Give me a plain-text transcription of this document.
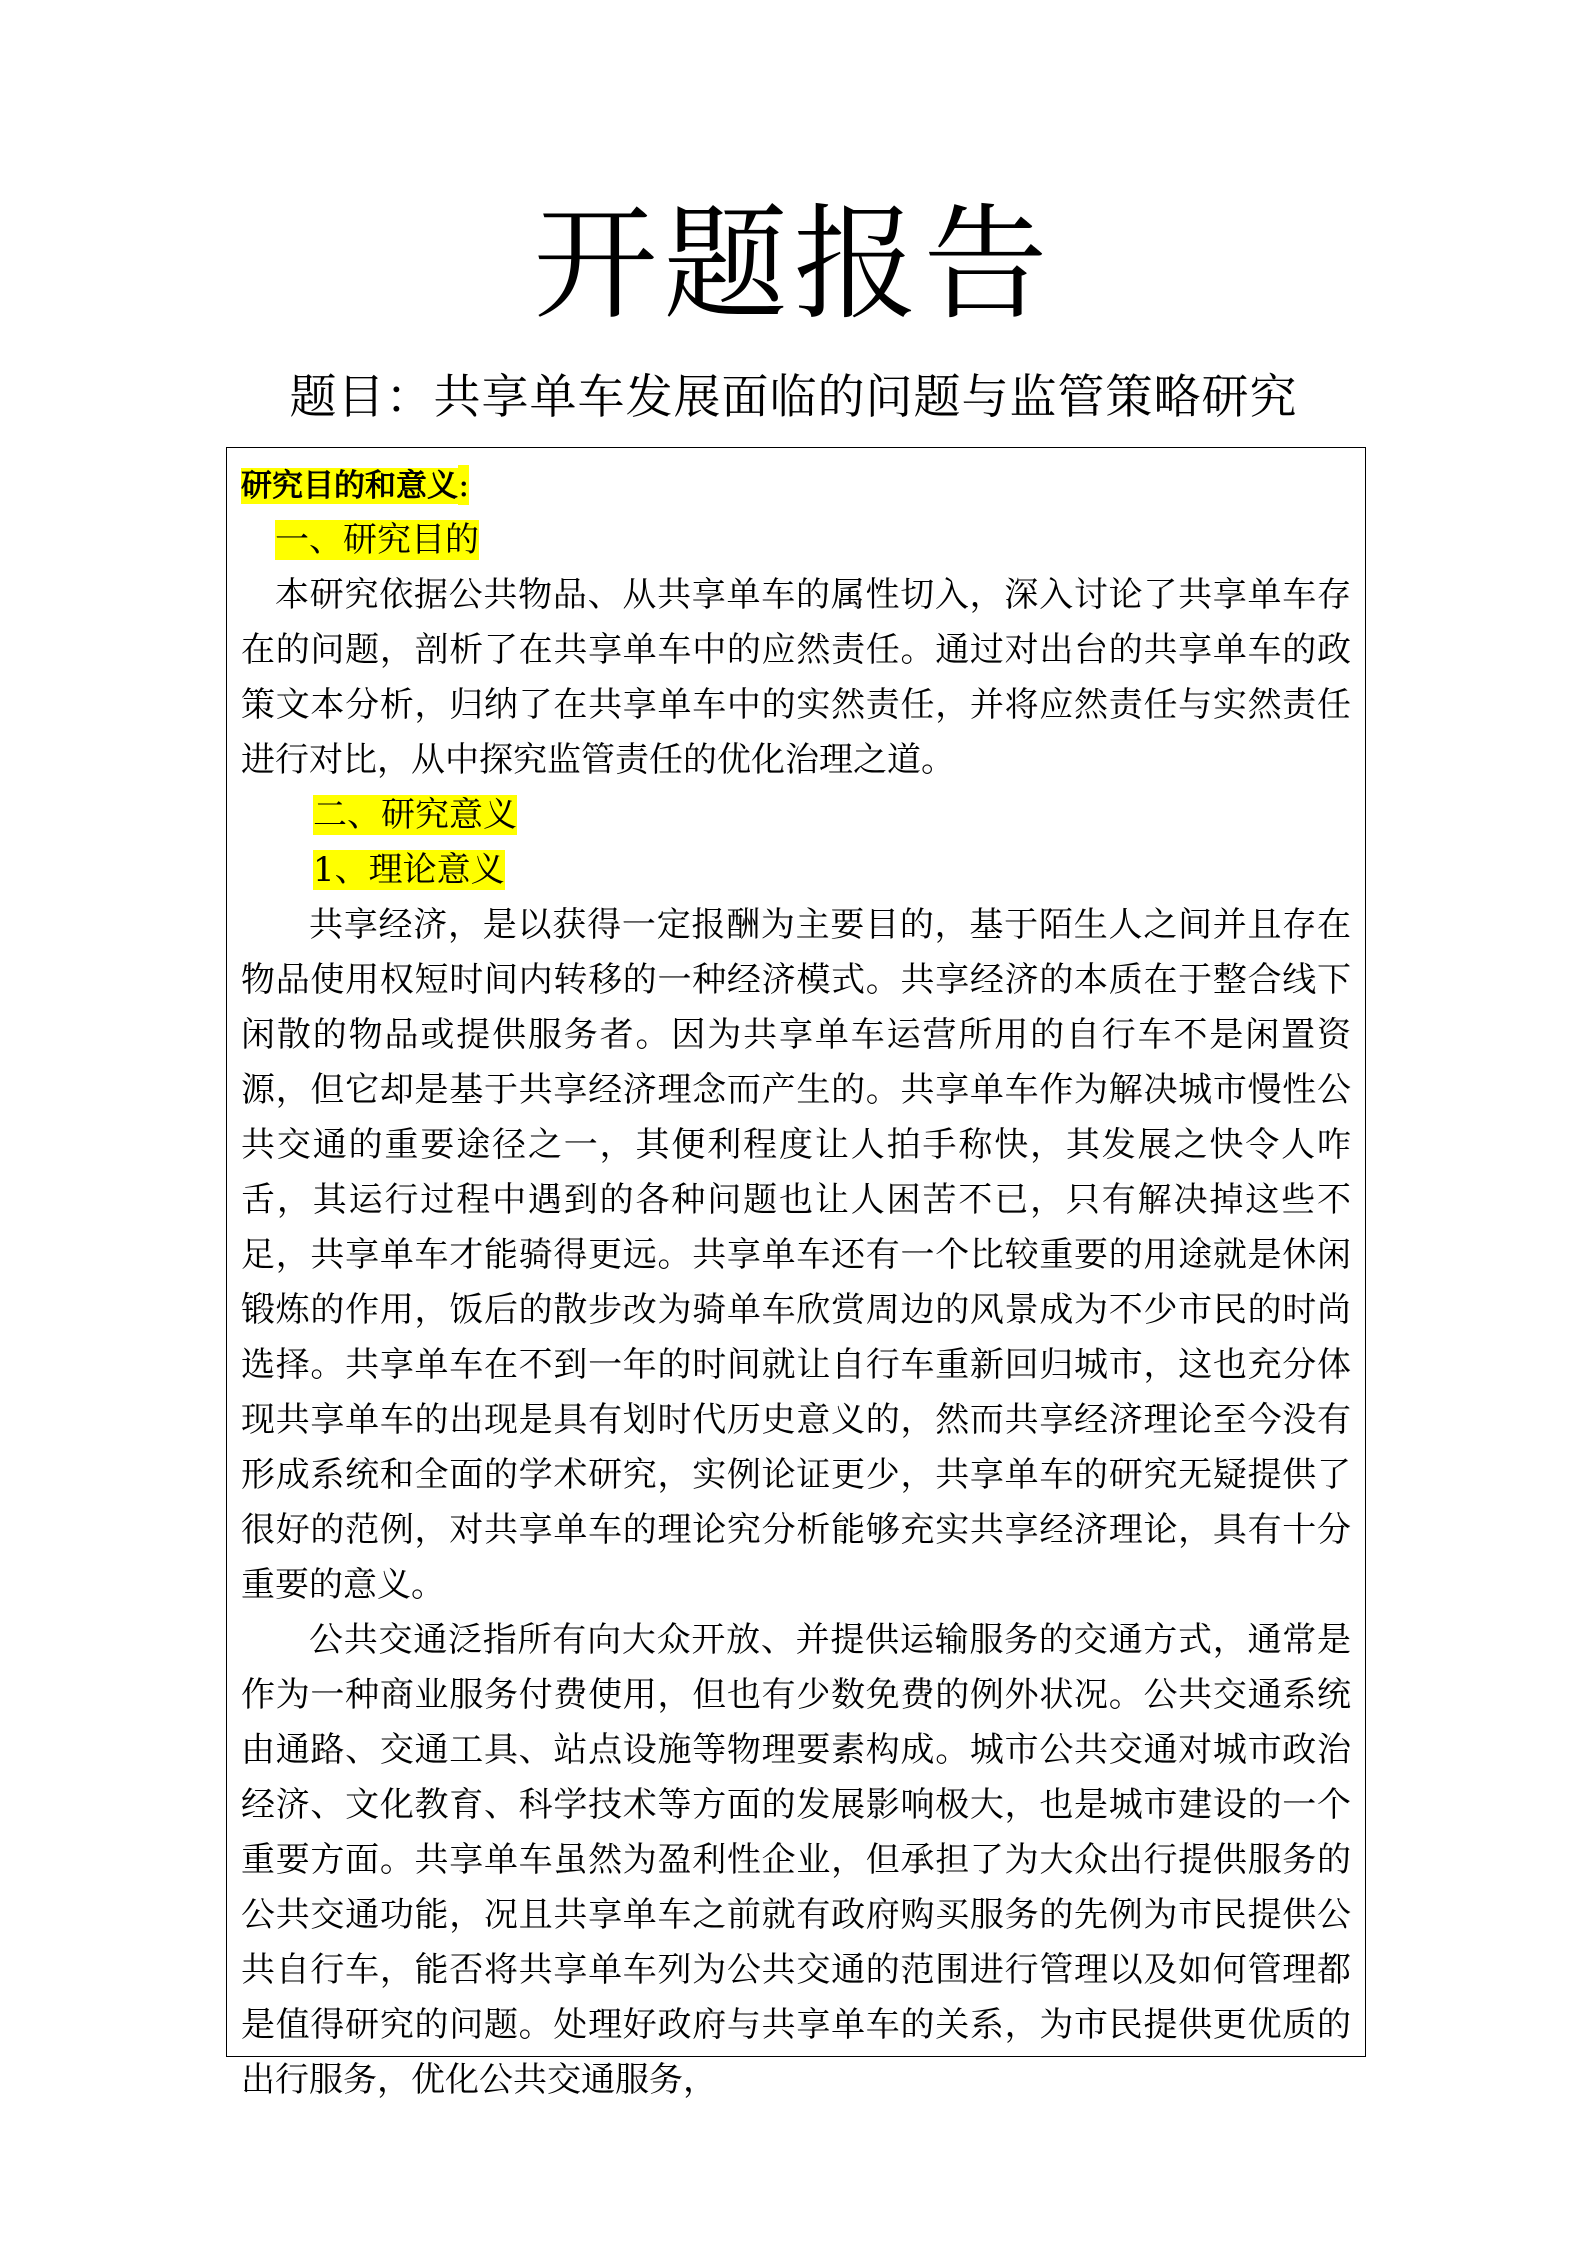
开题报告
题目：共享单车发展面临的问题与监管策略研究
研究目的和意义:
一、研究目的

本研究依据公共物品、从共享单车的属性切入，深入讨论了共享单车存在的问题，剖析了在共享单车中的应然责任。通过对出台的共享单车的政策文本分析，归纳了在共享单车中的实然责任，并将应然责任与实然责任进行对比，从中探究监管责任的优化治理之道。

二、研究意义
1、理论意义

共享经济，是以获得一定报酬为主要目的，基于陌生人之间并且存在物品使用权短时间内转移的一种经济模式。共享经济的本质在于整合线下闲散的物品或提供服务者。因为共享单车运营所用的自行车不是闲置资源，但它却是基于共享经济理念而产生的。共享单车作为解决城市慢性公共交通的重要途径之一，其便利程度让人拍手称快，其发展之快令人咋舌，其运行过程中遇到的各种问题也让人困苦不已，只有解决掉这些不足，共享单车才能骑得更远。共享单车还有一个比较重要的用途就是休闲锻炼的作用，饭后的散步改为骑单车欣赏周边的风景成为不少市民的时尚选择。共享单车在不到一年的时间就让自行车重新回归城市，这也充分体现共享单车的出现是具有划时代历史意义的，然而共享经济理论至今没有形成系统和全面的学术研究，实例论证更少，共享单车的研究无疑提供了很好的范例，对共享单车的理论究分析能够充实共享经济理论，具有十分重要的意义。

公共交通泛指所有向大众开放、并提供运输服务的交通方式，通常是作为一种商业服务付费使用，但也有少数免费的例外状况。公共交通系统由通路、交通工具、站点设施等物理要素构成。城市公共交通对城市政治经济、文化教育、科学技术等方面的发展影响极大，也是城市建设的一个重要方面。共享单车虽然为盈利性企业，但承担了为大众出行提供服务的公共交通功能，况且共享单车之前就有政府购买服务的先例为市民提供公共自行车，能否将共享单车列为公共交通的范围进行管理以及如何管理都是值得研究的问题。处理好政府与共享单车的关系，为市民提供更优质的出行服务，优化公共交通服务，
